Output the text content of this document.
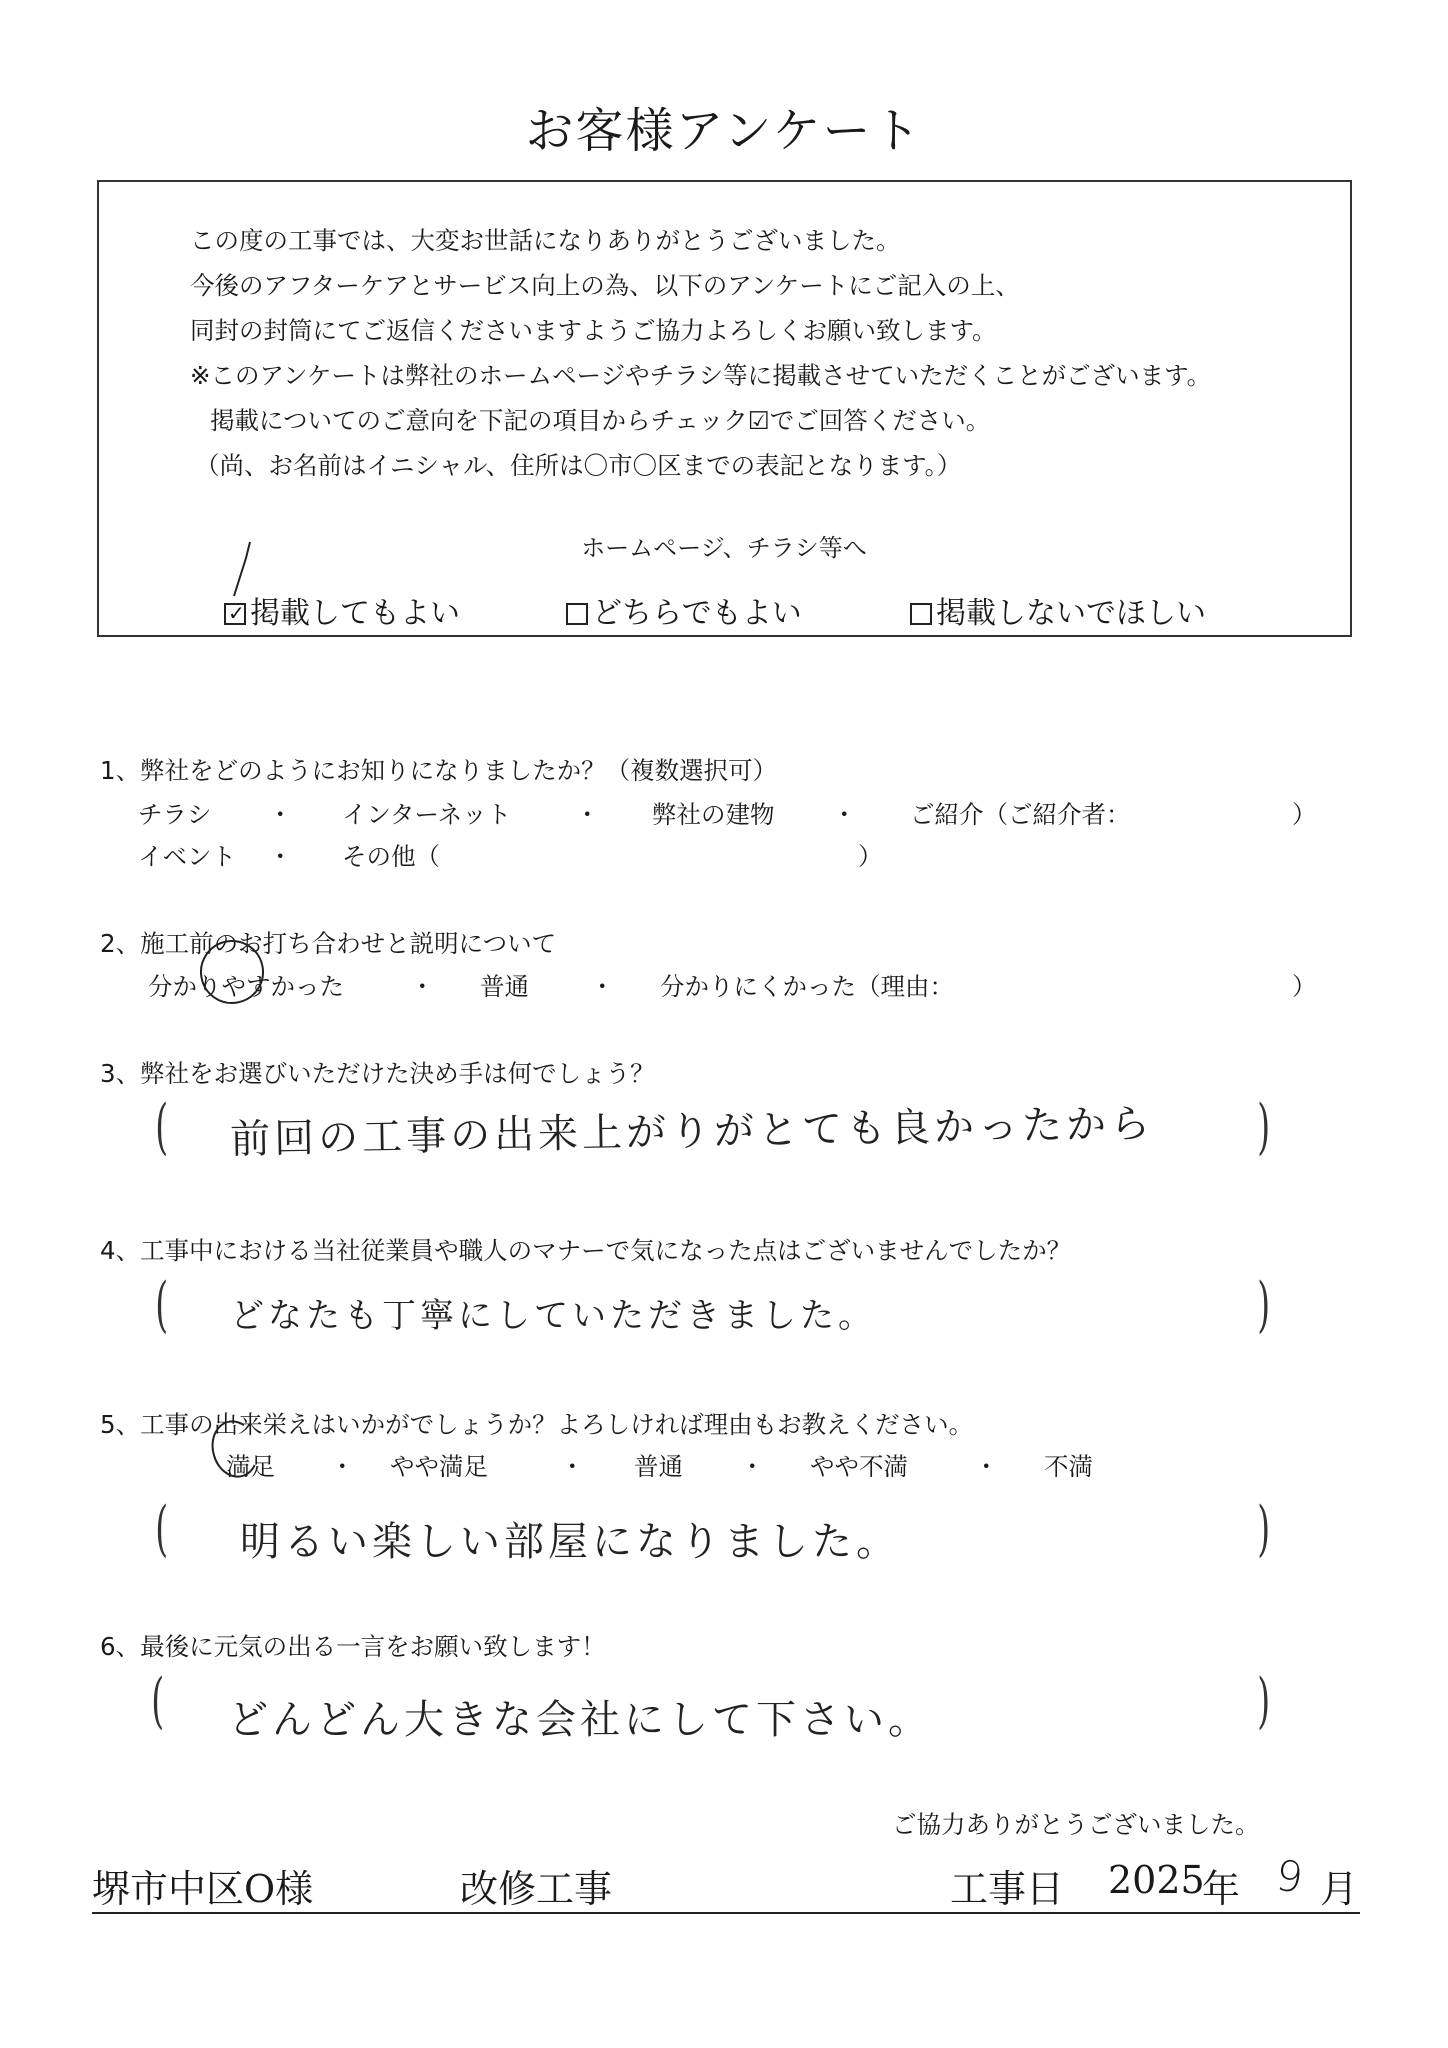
お客様アンケート
この度の工事では、大変お世話になりありがとうございました。
今後のアフターケアとサービス向上の為、以下のアンケートにご記入の上、
同封の封筒にてご返信くださいますようご協力よろしくお願い致します。
※このアンケートは弊社のホームページやチラシ等に掲載させていただくことがございます。
掲載についてのご意向を下記の項目からチェック☑でご回答ください。
（尚、お名前はイニシャル、住所は〇市〇区までの表記となります。）
ホームページ、チラシ等へ
✓ 掲載してもよい	どちらでもよい	掲載しないでほしい
1、弊社をどのようにお知りになりましたか？（複数選択可）
チラシ ・ インターネット	・ 弊社の建物 ・ ご紹介（ご紹介者：	）
イベント ・ その他（	）
2、施工前のお打ち合わせと説明について
分かりやすかった	・ 普通 ・ 分かりにくかった（理由：	）
3、弊社をお選びいただけた決め手は何でしょう？
(	)
前回の工事の出来上がりがとても良かったから
4、工事中における当社従業員や職人のマナーで気になった点はございませんでしたか？
(	)
どなたも丁寧にしていただきました。
5、工事の出来栄えはいかがでしょうか？よろしければ理由もお教えください。
満足 ・ やや満足	・ 普通 ・ やや不満	・ 不満
(	)
明るい楽しい部屋になりました。
6、最後に元気の出る一言をお願い致します！
(	)
どんどん大きな会社にして下さい。
ご協力ありがとうございました。
堺市中区O様	改修工事	工事日 2025
年 9 月
